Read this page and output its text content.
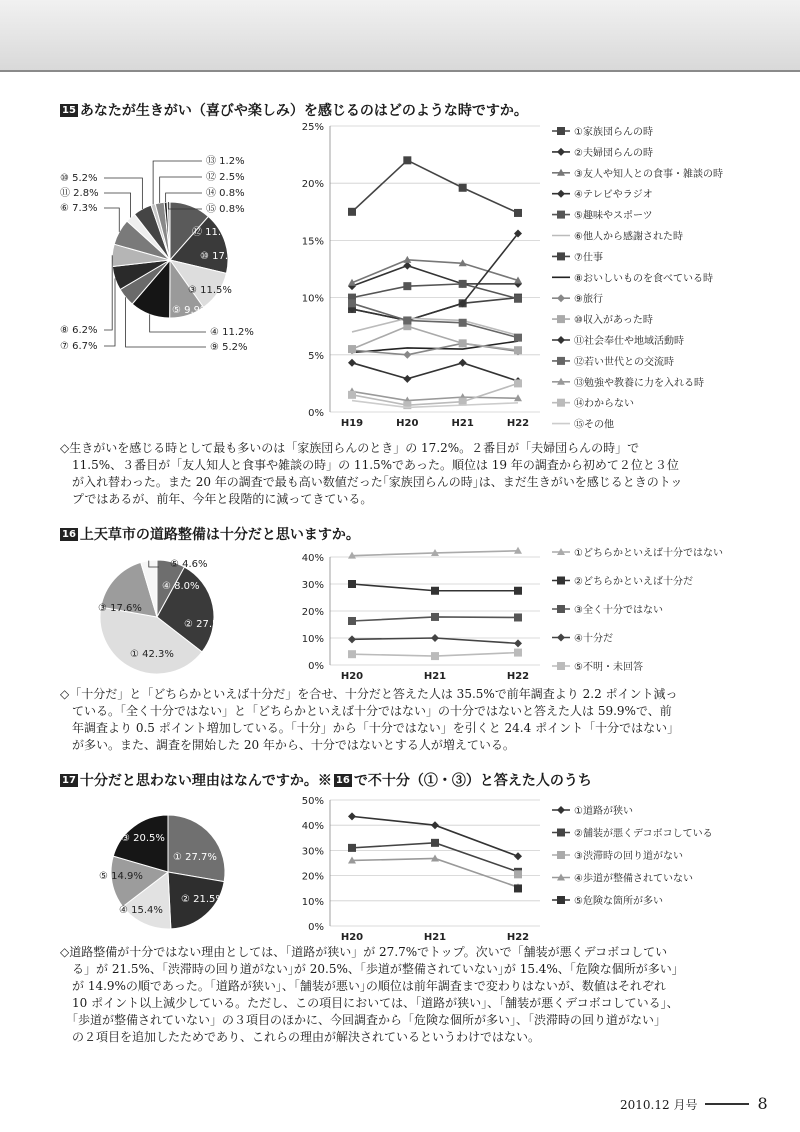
15 あなたが生きがい（喜びや楽しみ）を感じるのはどのような時ですか。
⑫ 11.5%
⑩ 17.2%
③ 11.5%
⑤ 9.9%
④ 11.2%
⑨ 5.2%
⑧ 6.2%
⑦ 6.7%
⑥ 7.3%
⑪ 2.8%
⑩ 5.2%
⑬ 1.2%
⑫ 2.5%
⑭ 0.8%
⑮ 0.8%
0%
5%
10%
15%
20%
25%
H19	H20	H21	H22
①家族団らんの時
②夫婦団らんの時
③友人や知人との食事・雑談の時
④テレビやラジオ
⑤趣味やスポーツ
⑥他人から感謝された時
⑦仕事
⑧おいしいものを食べている時
⑨旅行
⑩収入があった時
⑪社会奉仕や地域活動時
⑫若い世代との交流時
⑬勉強や教養に力を入れる時
⑭わからない
⑮その他

◇生きがいを感じる時として最も多いのは「家族団らんのとき」の 17.2%。２番目が「夫婦団らんの時」で

　11.5%、３番目が「友人知人と食事や雑談の時」の 11.5%であった。順位は 19 年の調査から初めて２位と３位

　が入れ替わった。また 20 年の調査で最も高い数値だった｢家族団らんの時｣は、まだ生きがいを感じるときのトッ

　プではあるが、前年、今年と段階的に減ってきている。

16 上天草市の道路整備は十分だと思いますか。
④ 8.0%
② 27.5%
① 42.3%
③ 17.6%
⑤ 4.6%
0%
10%
20%
30%
40%
H20	H21	H22
①どちらかといえば十分ではない
②どちらかといえば十分だ
③全く十分ではない
④十分だ
⑤不明・未回答

◇「十分だ」と「どちらかといえば十分だ」を合せ、十分だと答えた人は 35.5%で前年調査より 2.2 ポイント減っ

　ている。「全く十分ではない」と「どちらかといえば十分ではない」の十分ではないと答えた人は 59.9%で、前

　年調査より 0.5 ポイント増加している。「十分」から「十分ではない」を引くと 24.4 ポイント「十分ではない」

　が多い。また、調査を開始した 20 年から、十分ではないとする人が増えている。

17 十分だと思わない理由はなんですか。※ 16 で不十分（①・③）と答えた人のうち
① 27.7%
② 21.5%
④ 15.4%
⑤ 14.9%
③ 20.5%
0%
10%
20%
30%
40%
50%
H20	H21	H22
①道路が狭い
②舗装が悪くデコボコしている
③渋滞時の回り道がない
④歩道が整備されていない
⑤危険な箇所が多い

◇道路整備が十分ではない理由としては、「道路が狭い」が 27.7%でトップ。次いで「舗装が悪くデコボコしてい

　る」が 21.5%、｢渋滞時の回り道がない｣が 20.5%、｢歩道が整備されていない｣が 15.4%、｢危険な個所が多い｣

　が 14.9%の順であった。「道路が狭い｣、「舗装が悪い｣の順位は前年調査まで変わりはないが、数値はそれぞれ

　10 ポイント以上減少している。ただし、この項目においては、「道路が狭い」、「舗装が悪くデコボコしている｣、

　「歩道が整備されていない」の３項目のほかに、今回調査から「危険な個所が多い」、「渋滞時の回り道がない」

　の２項目を追加したためであり、これらの理由が解決されているというわけではない。

2010.12 月号	8
